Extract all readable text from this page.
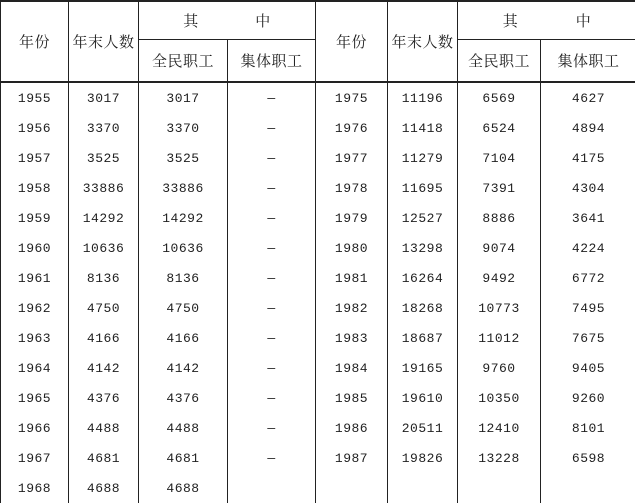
年份	年末人数
其	中
全民职工	集体职工
年份	年末人数
其	中
全民职工	集体职工
1955	3017	3017	—
1956	3370	3370	—
1957	3525	3525	—
1958	33886	33886	—
1959	14292	14292	—
1960	10636	10636	—
1961	8136	8136	—
1962	4750	4750	—
1963	4166	4166	—
1964	4142	4142	—
1965	4376	4376	—
1966	4488	4488	—
1967	4681	4681	—
1968	4688	4688
1975	11196	6569	4627
1976	11418	6524	4894
1977	11279	7104	4175
1978	11695	7391	4304
1979	12527	8886	3641
1980	13298	9074	4224
1981	16264	9492	6772
1982	18268	10773	7495
1983	18687	11012	7675
1984	19165	9760	9405
1985	19610	10350	9260
1986	20511	12410	8101
1987	19826	13228	6598
